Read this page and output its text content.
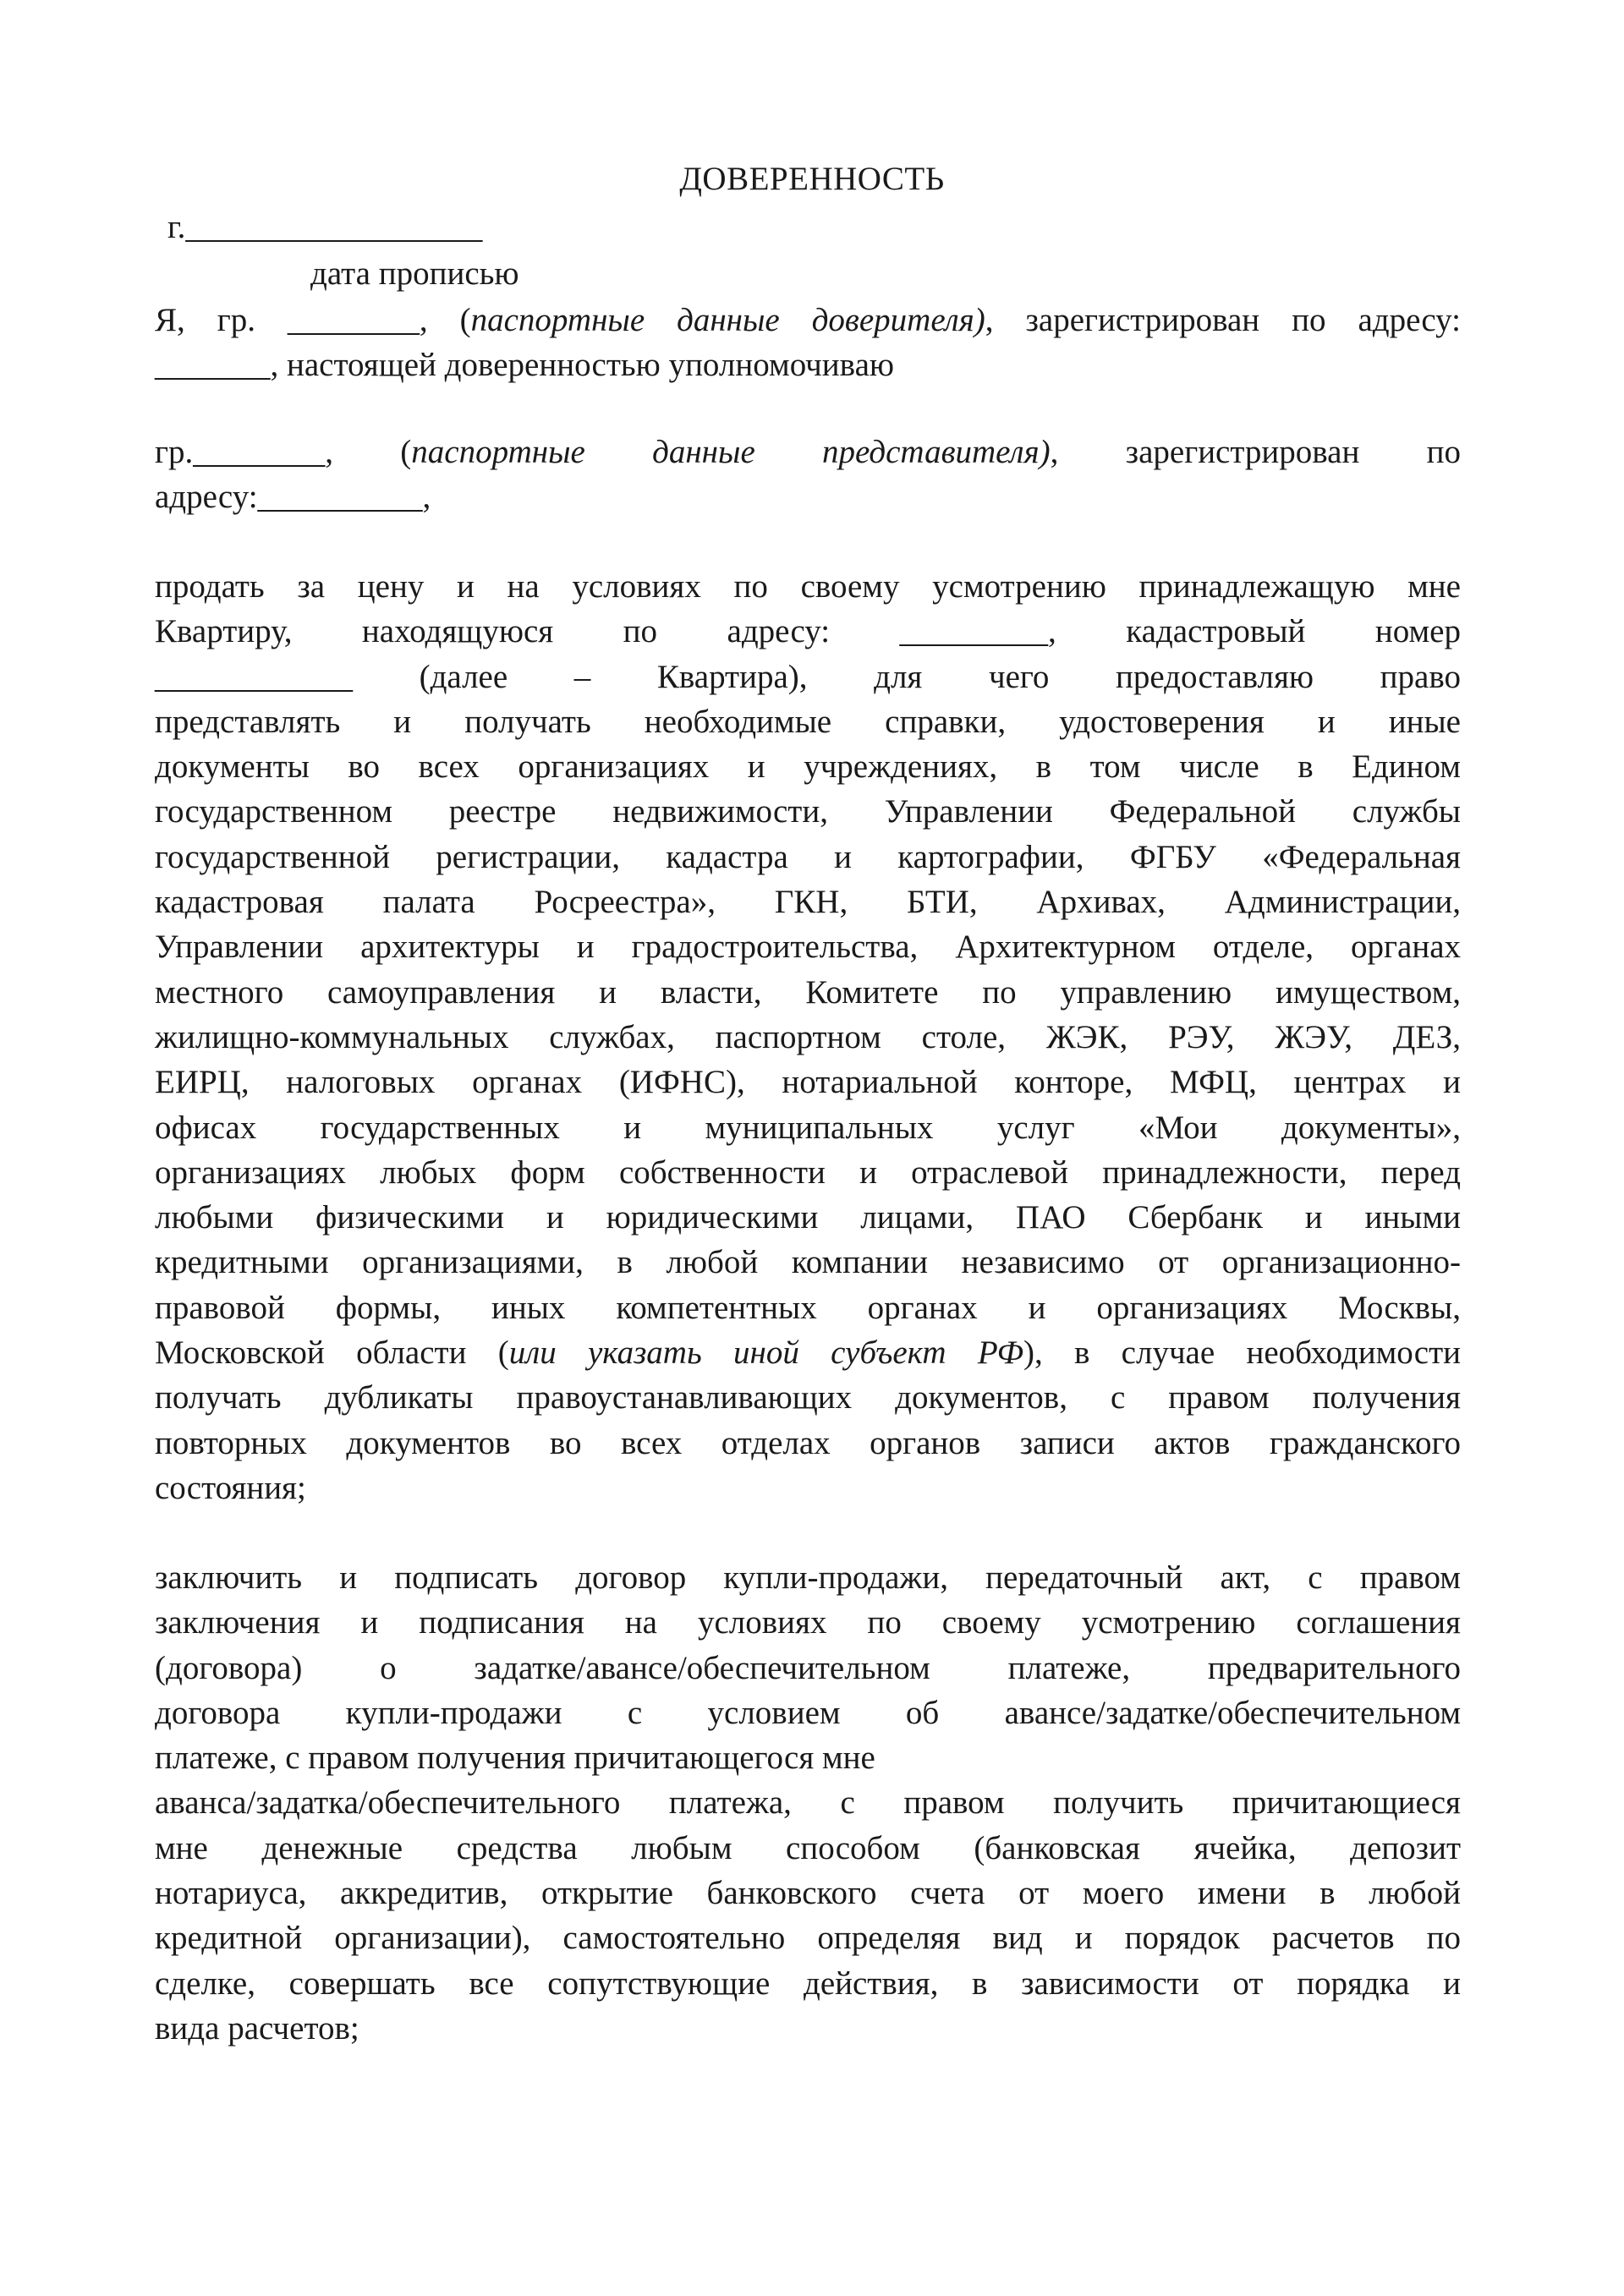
ДОВЕРЕННОСТЬ
г.__________________
дата прописью
Я, гр. ________, (паспортные данные доверителя), зарегистрирован по адресу:
_______, настоящей доверенностью уполномочиваю
гр.________, (паспортные данные представителя), зарегистрирован по
адресу:__________,
продать за цену и на условиях по своему усмотрению принадлежащую мне
Квартиру, находящуюся по адресу: _________, кадастровый номер
____________ (далее – Квартира), для чего предоставляю право
представлять и получать необходимые справки, удостоверения и иные
документы во всех организациях и учреждениях, в том числе в Едином
государственном реестре недвижимости, Управлении Федеральной службы
государственной регистрации, кадастра и картографии, ФГБУ «Федеральная
кадастровая палата Росреестра», ГКН, БТИ, Архивах, Администрации,
Управлении архитектуры и градостроительства, Архитектурном отделе, органах
местного самоуправления и власти, Комитете по управлению имуществом,
жилищно-коммунальных службах, паспортном столе, ЖЭК, РЭУ, ЖЭУ, ДЕЗ,
ЕИРЦ, налоговых органах (ИФНС), нотариальной конторе, МФЦ, центрах и
офисах государственных и муниципальных услуг «Мои документы»,
организациях любых форм собственности и отраслевой принадлежности, перед
любыми физическими и юридическими лицами, ПАО Сбербанк и иными
кредитными организациями, в любой компании независимо от организационно-
правовой формы, иных компетентных органах и организациях Москвы,
Московской области (или указать иной субъект РФ), в случае необходимости
получать дубликаты правоустанавливающих документов, с правом получения
повторных документов во всех отделах органов записи актов гражданского
состояния;
заключить и подписать договор купли-продажи, передаточный акт, с правом
заключения и подписания на условиях по своему усмотрению соглашения
(договора) о задатке/авансе/обеспечительном платеже, предварительного
договора купли-продажи с условием об авансе/задатке/обеспечительном
платеже, с правом получения причитающегося мне
аванса/задатка/обеспечительного платежа, с правом получить причитающиеся
мне денежные средства любым способом (банковская ячейка, депозит
нотариуса, аккредитив, открытие банковского счета от моего имени в любой
кредитной организации), самостоятельно определяя вид и порядок расчетов по
сделке, совершать все сопутствующие действия, в зависимости от порядка и
вида расчетов;
